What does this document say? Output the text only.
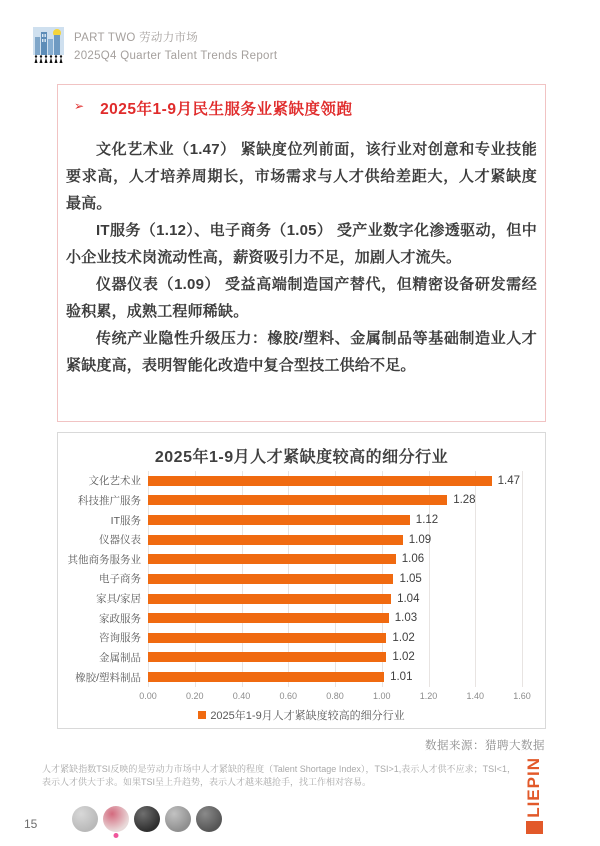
PART TWO 劳动力市场
2025Q4 Quarter Talent Trends Report
➢ 2025年1-9月民生服务业紧缺度领跑

文化艺术业（1.47） 紧缺度位列前面，该行业对创意和专业技能要求高，人才培养周期长，市场需求与人才供给差距大，人才紧缺度最高。

IT服务（1.12）、电子商务（1.05） 受产业数字化渗透驱动，但中小企业技术岗流动性高，薪资吸引力不足，加剧人才流失。

仪器仪表（1.09） 受益高端制造国产替代，但精密设备研发需经验积累，成熟工程师稀缺。

传统产业隐性升级压力：橡胶/塑料、金属制品等基础制造业人才紧缺度高，表明智能化改造中复合型技工供给不足。

2025年1-9月人才紧缺度较高的细分行业
文化艺术业	1.47
科技推广服务	1.28
IT服务	1.12
仪器仪表	1.09
其他商务服务业	1.06
电子商务	1.05
家具/家居	1.04
家政服务	1.03
咨询服务	1.02
金属制品	1.02
橡胶/塑料制品	1.01
0.00	0.20	0.40	0.60	0.80	1.00	1.20	1.40	1.60
2025年1-9月人才紧缺度较高的细分行业
数据来源：猎聘大数据
人才紧缺指数TSI反映的是劳动力市场中人才紧缺的程度（Talent Shortage Index），TSI>1,表示人才供不应求；TSI<1，表示人才供大于求。如果TSI呈上升趋势，表示人才越来越抢手，找工作相对容易。	LIEPIN
15
